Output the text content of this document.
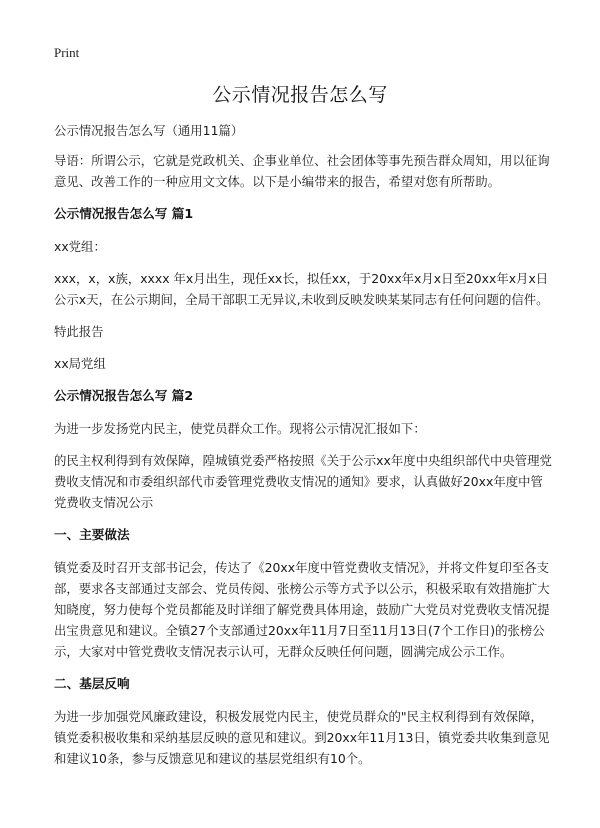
Print
公示情况报告怎么写

公示情况报告怎么写（通用11篇）

导语：所谓公示，它就是党政机关、企事业单位、社会团体等事先预告群众周知，用以征询意见、改善工作的一种应用文文体。以下是小编带来的报告，希望对您有所帮助。

公示情况报告怎么写 篇1

xx党组：

xxx，x，x族，xxxx 年x月出生，现任xx长，拟任xx，于20xx年x月x日至20xx年x月x日公示x天，在公示期间，全局干部职工无异议,未收到反映发映某某同志有任何问题的信件。

特此报告

xx局党组

公示情况报告怎么写 篇2

为进一步发扬党内民主，使党员群众工作。现将公示情况汇报如下：

的民主权利得到有效保障，隍城镇党委严格按照《关于公示xx年度中央组织部代中央管理党费收支情况和市委组织部代市委管理党费收支情况的通知》要求，认真做好20xx年度中管党费收支情况公示

一、主要做法

镇党委及时召开支部书记会，传达了《20xx年度中管党费收支情况》，并将文件复印至各支部，要求各支部通过支部会、党员传阅、张榜公示等方式予以公示，积极采取有效措施扩大知晓度，努力使每个党员都能及时详细了解党费具体用途，鼓励广大党员对党费收支情况提出宝贵意见和建议。全镇27个支部通过20xx年11月7日至11月13日(7个工作日)的张榜公示，大家对中管党费收支情况表示认可，无群众反映任何问题，圆满完成公示工作。

二、基层反响

为进一步加强党风廉政建设，积极发展党内民主，使党员群众的"民主权利得到有效保障，镇党委积极收集和采纳基层反映的意见和建议。到20xx年11月13日，镇党委共收集到意见和建议10条，参与反馈意见和建议的基层党组织有10个。
